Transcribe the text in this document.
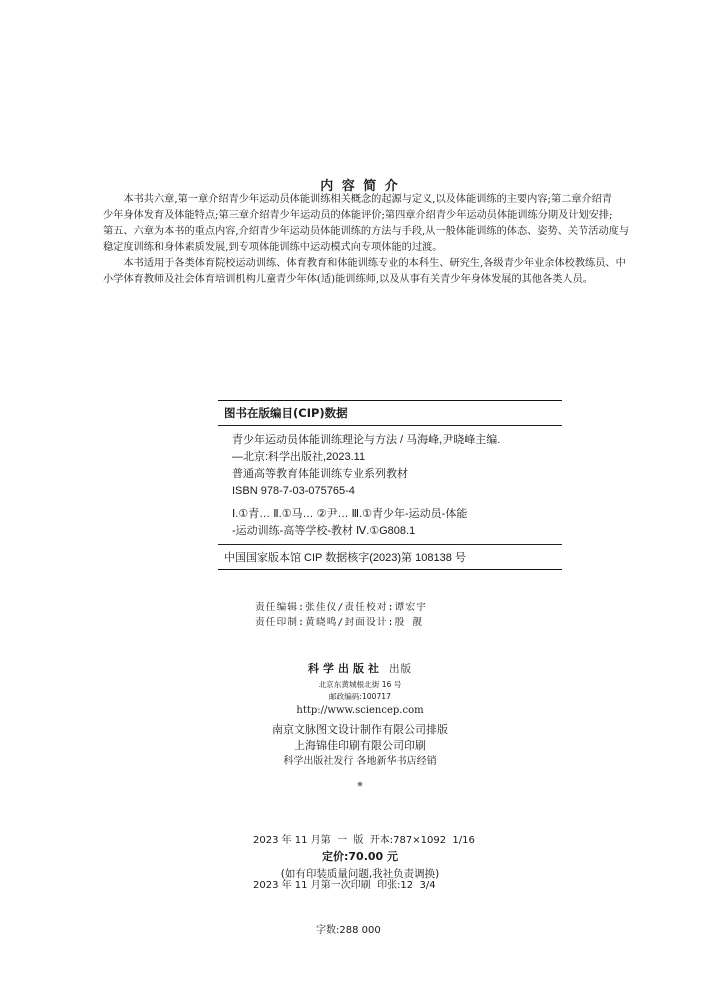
内 容 简 介
本书共六章,第一章介绍青少年运动员体能训练相关概念的起源与定义,以及体能训练的主要内容;第二章介绍青
少年身体发育及体能特点;第三章介绍青少年运动员的体能评价;第四章介绍青少年运动员体能训练分期及计划安排;
第五、六章为本书的重点内容,介绍青少年运动员体能训练的方法与手段,从一般体能训练的体态、姿势、关节活动度与
稳定度训练和身体素质发展,到专项体能训练中运动模式向专项体能的过渡。
本书适用于各类体育院校运动训练、体育教育和体能训练专业的本科生、研究生,各级青少年业余体校教练员、中
小学体育教师及社会体育培训机构儿童青少年体(适)能训练师,以及从事有关青少年身体发展的其他各类人员。
图书在版编目(CIP)数据
青少年运动员体能训练理论与方法 / 马海峰,尹晓峰主编.
—北京:科学出版社,2023.11
普通高等教育体能训练专业系列教材
ISBN 978-7-03-075765-4
Ⅰ.①青… Ⅱ.①马… ②尹… Ⅲ.①青少年-运动员-体能
-运动训练-高等学校-教材 Ⅳ.①G808.1
中国国家版本馆 CIP 数据核字(2023)第 108138 号
责任编辑:张佳仪/责任校对:谭宏宇
责任印制:黄晓鸣/封面设计:殷 靓
科学出版社 出版
北京东黄城根北街 16 号
邮政编码:100717
http://www.sciencep.com
南京文脉图文设计制作有限公司排版
上海锦佳印刷有限公司印刷
科学出版社发行 各地新华书店经销
*

2023 年 11 月第  一  版  开本:787×1092  1/16

2023 年 11 月第一次印刷  印张:12  3/4

字数:288 000

定价:70.00 元
(如有印装质量问题,我社负责调换)
